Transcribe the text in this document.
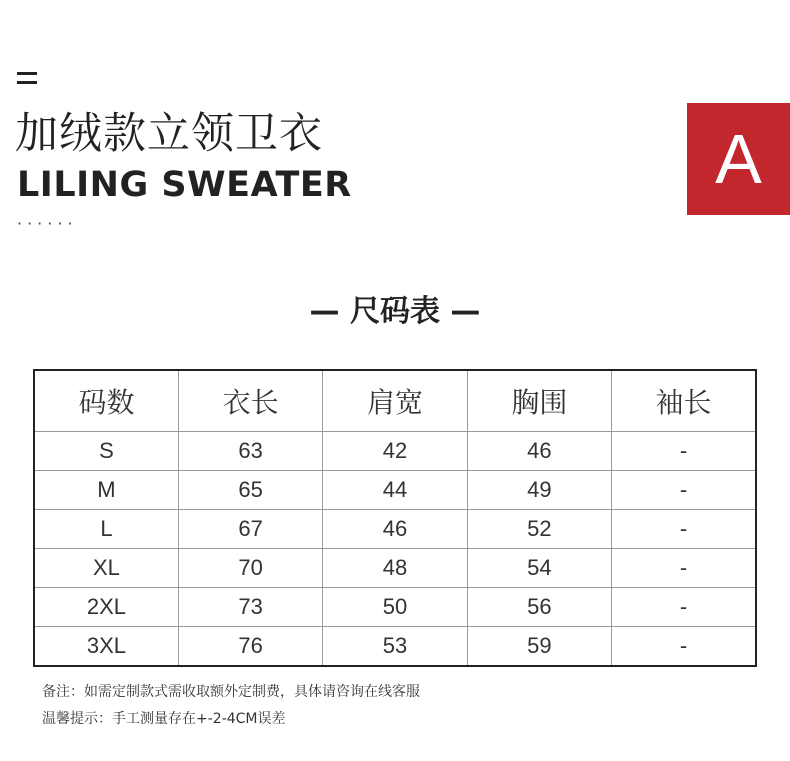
加绒款立领卫衣
LILING SWEATER
······
A
— 尺码表 —
码数	衣长	肩宽	胸围	袖长
S	63	42	46	-
M	65	44	49	-
L	67	46	52	-
XL	70	48	54	-
2XL	73	50	56	-
3XL	76	53	59	-
备注：如需定制款式需收取额外定制费，具体请咨询在线客服
温馨提示：手工测量存在+-2-4CM误差
